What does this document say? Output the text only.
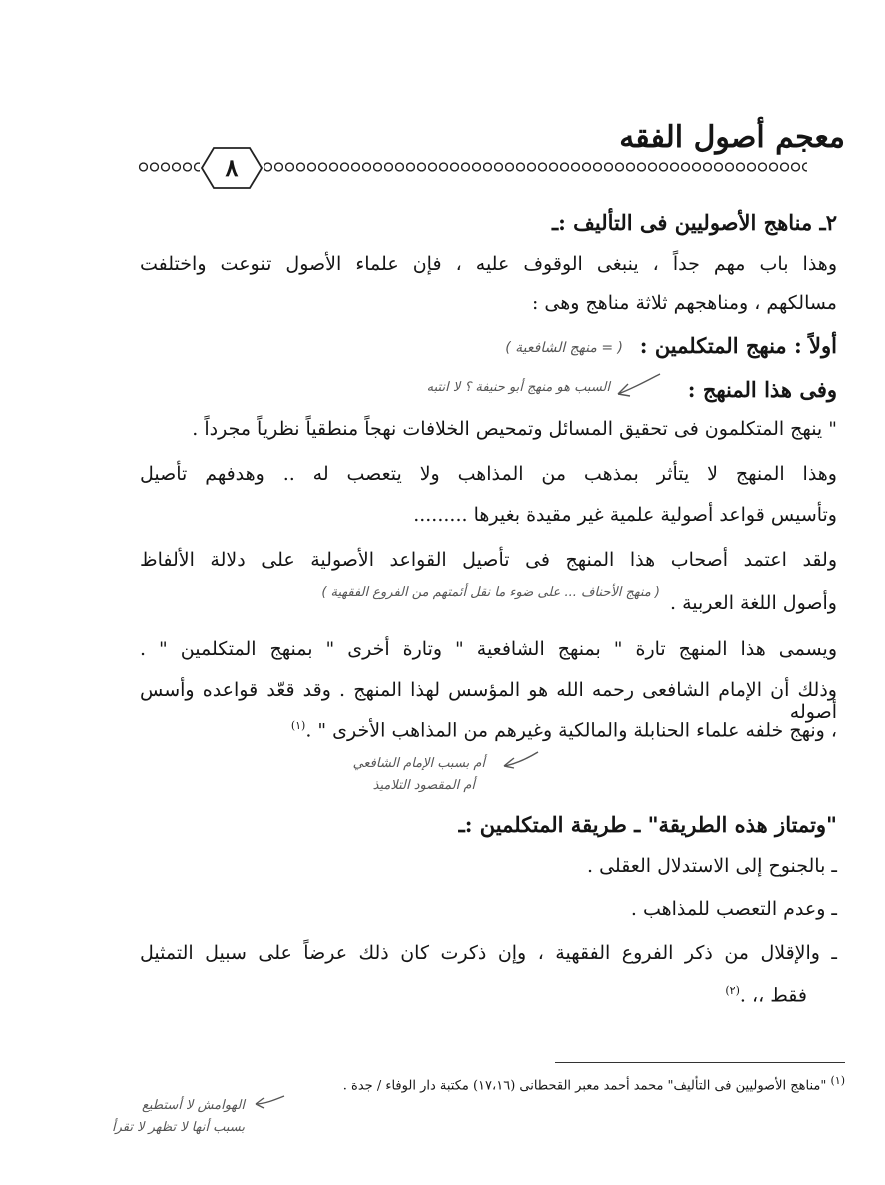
معجم أصول الفقه
٨
٢ـ مناهج الأصوليين فى التأليف :ـ
وهذا باب مهم جداً ، ينبغى الوقوف عليه ، فإن علماء الأصول تنوعت واختلفت
مسالكهم ، ومناهجهم ثلاثة مناهج وهى :
أولاً : منهج المتكلمين :
( = منهج الشافعية )
وفى هذا المنهج :
السبب هو منهج أبو حنيفة ؟ لا انتبه
" ينهج المتكلمون فى تحقيق المسائل وتمحيص الخلافات نهجاً منطقياً نظرياً مجرداً .
وهذا المنهج لا يتأثر بمذهب من المذاهب ولا يتعصب له .. وهدفهم تأصيل
وتأسيس قواعد أصولية علمية غير مقيدة بغيرها .........
ولقد اعتمد أصحاب هذا المنهج فى تأصيل القواعد الأصولية على دلالة الألفاظ
وأصول اللغة العربية .
( منهج الأحناف ... على ضوء ما نقل أئمتهم من الفروع الفقهية )
ويسمى هذا المنهج تارة " بمنهج الشافعية " وتارة أخرى " بمنهج المتكلمين " .
وذلك أن الإمام الشافعى رحمه الله هو المؤسس لهذا المنهج . وقد قعّد قواعده وأسس أصوله
، ونهج خلفه علماء الحنابلة والمالكية وغيرهم من المذاهب الأخرى " .$^{(١)}$
أم بسبب الإمام الشافعي
أم المقصود التلاميذ
"وتمتاز هذه الطريقة" ـ طريقة المتكلمين :ـ
ـ بالجنوح إلى الاستدلال العقلى .
ـ وعدم التعصب للمذاهب .
ـ والإقلال من ذكر الفروع الفقهية ، وإن ذكرت كان ذلك عرضاً على سبيل التمثيل
فقط ،، .$^{(٢)}$
$^{(١)}$ "مناهج الأصوليين فى التأليف" محمد أحمد معبر القحطانى (١٧،١٦) مكتبة دار الوفاء / جدة .
الهوامش لا أستطيع
بسبب أنها لا تظهر لا تقرأ
